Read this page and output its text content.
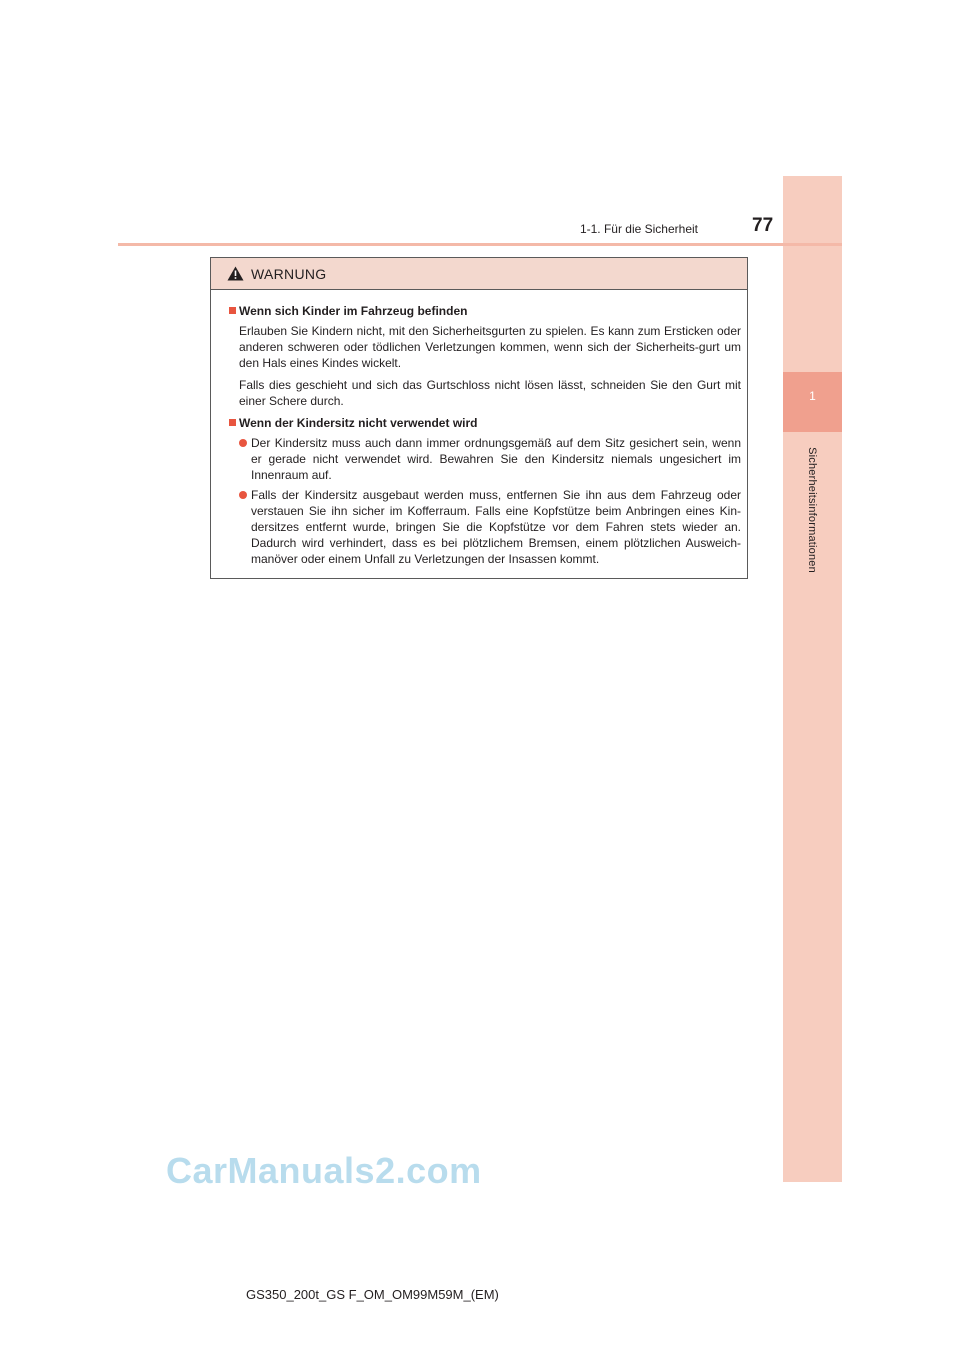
1
Sicherheitsinformationen
1-1. Für die Sicherheit	77
WARNUNG
Wenn sich Kinder im Fahrzeug befinden
Erlauben Sie Kindern nicht, mit den Sicherheitsgurten zu spielen. Es kann zum Ersticken oder anderen schweren oder tödlichen Verletzungen kommen, wenn sich der Sicherheits-gurt um den Hals eines Kindes wickelt.
Falls dies geschieht und sich das Gurtschloss nicht lösen lässt, schneiden Sie den Gurt mit einer Schere durch.
Wenn der Kindersitz nicht verwendet wird
Der Kindersitz muss auch dann immer ordnungsgemäß auf dem Sitz gesichert sein, wenn er gerade nicht verwendet wird. Bewahren Sie den Kindersitz niemals ungesichert im Innenraum auf.
Falls der Kindersitz ausgebaut werden muss, entfernen Sie ihn aus dem Fahrzeug oder verstauen Sie ihn sicher im Kofferraum. Falls eine Kopfstütze beim Anbringen eines Kin-dersitzes entfernt wurde, bringen Sie die Kopfstütze vor dem Fahren stets wieder an. Dadurch wird verhindert, dass es bei plötzlichem Bremsen, einem plötzlichen Ausweich-manöver oder einem Unfall zu Verletzungen der Insassen kommt.
CarManuals2.com
GS350_200t_GS F_OM_OM99M59M_(EM)
